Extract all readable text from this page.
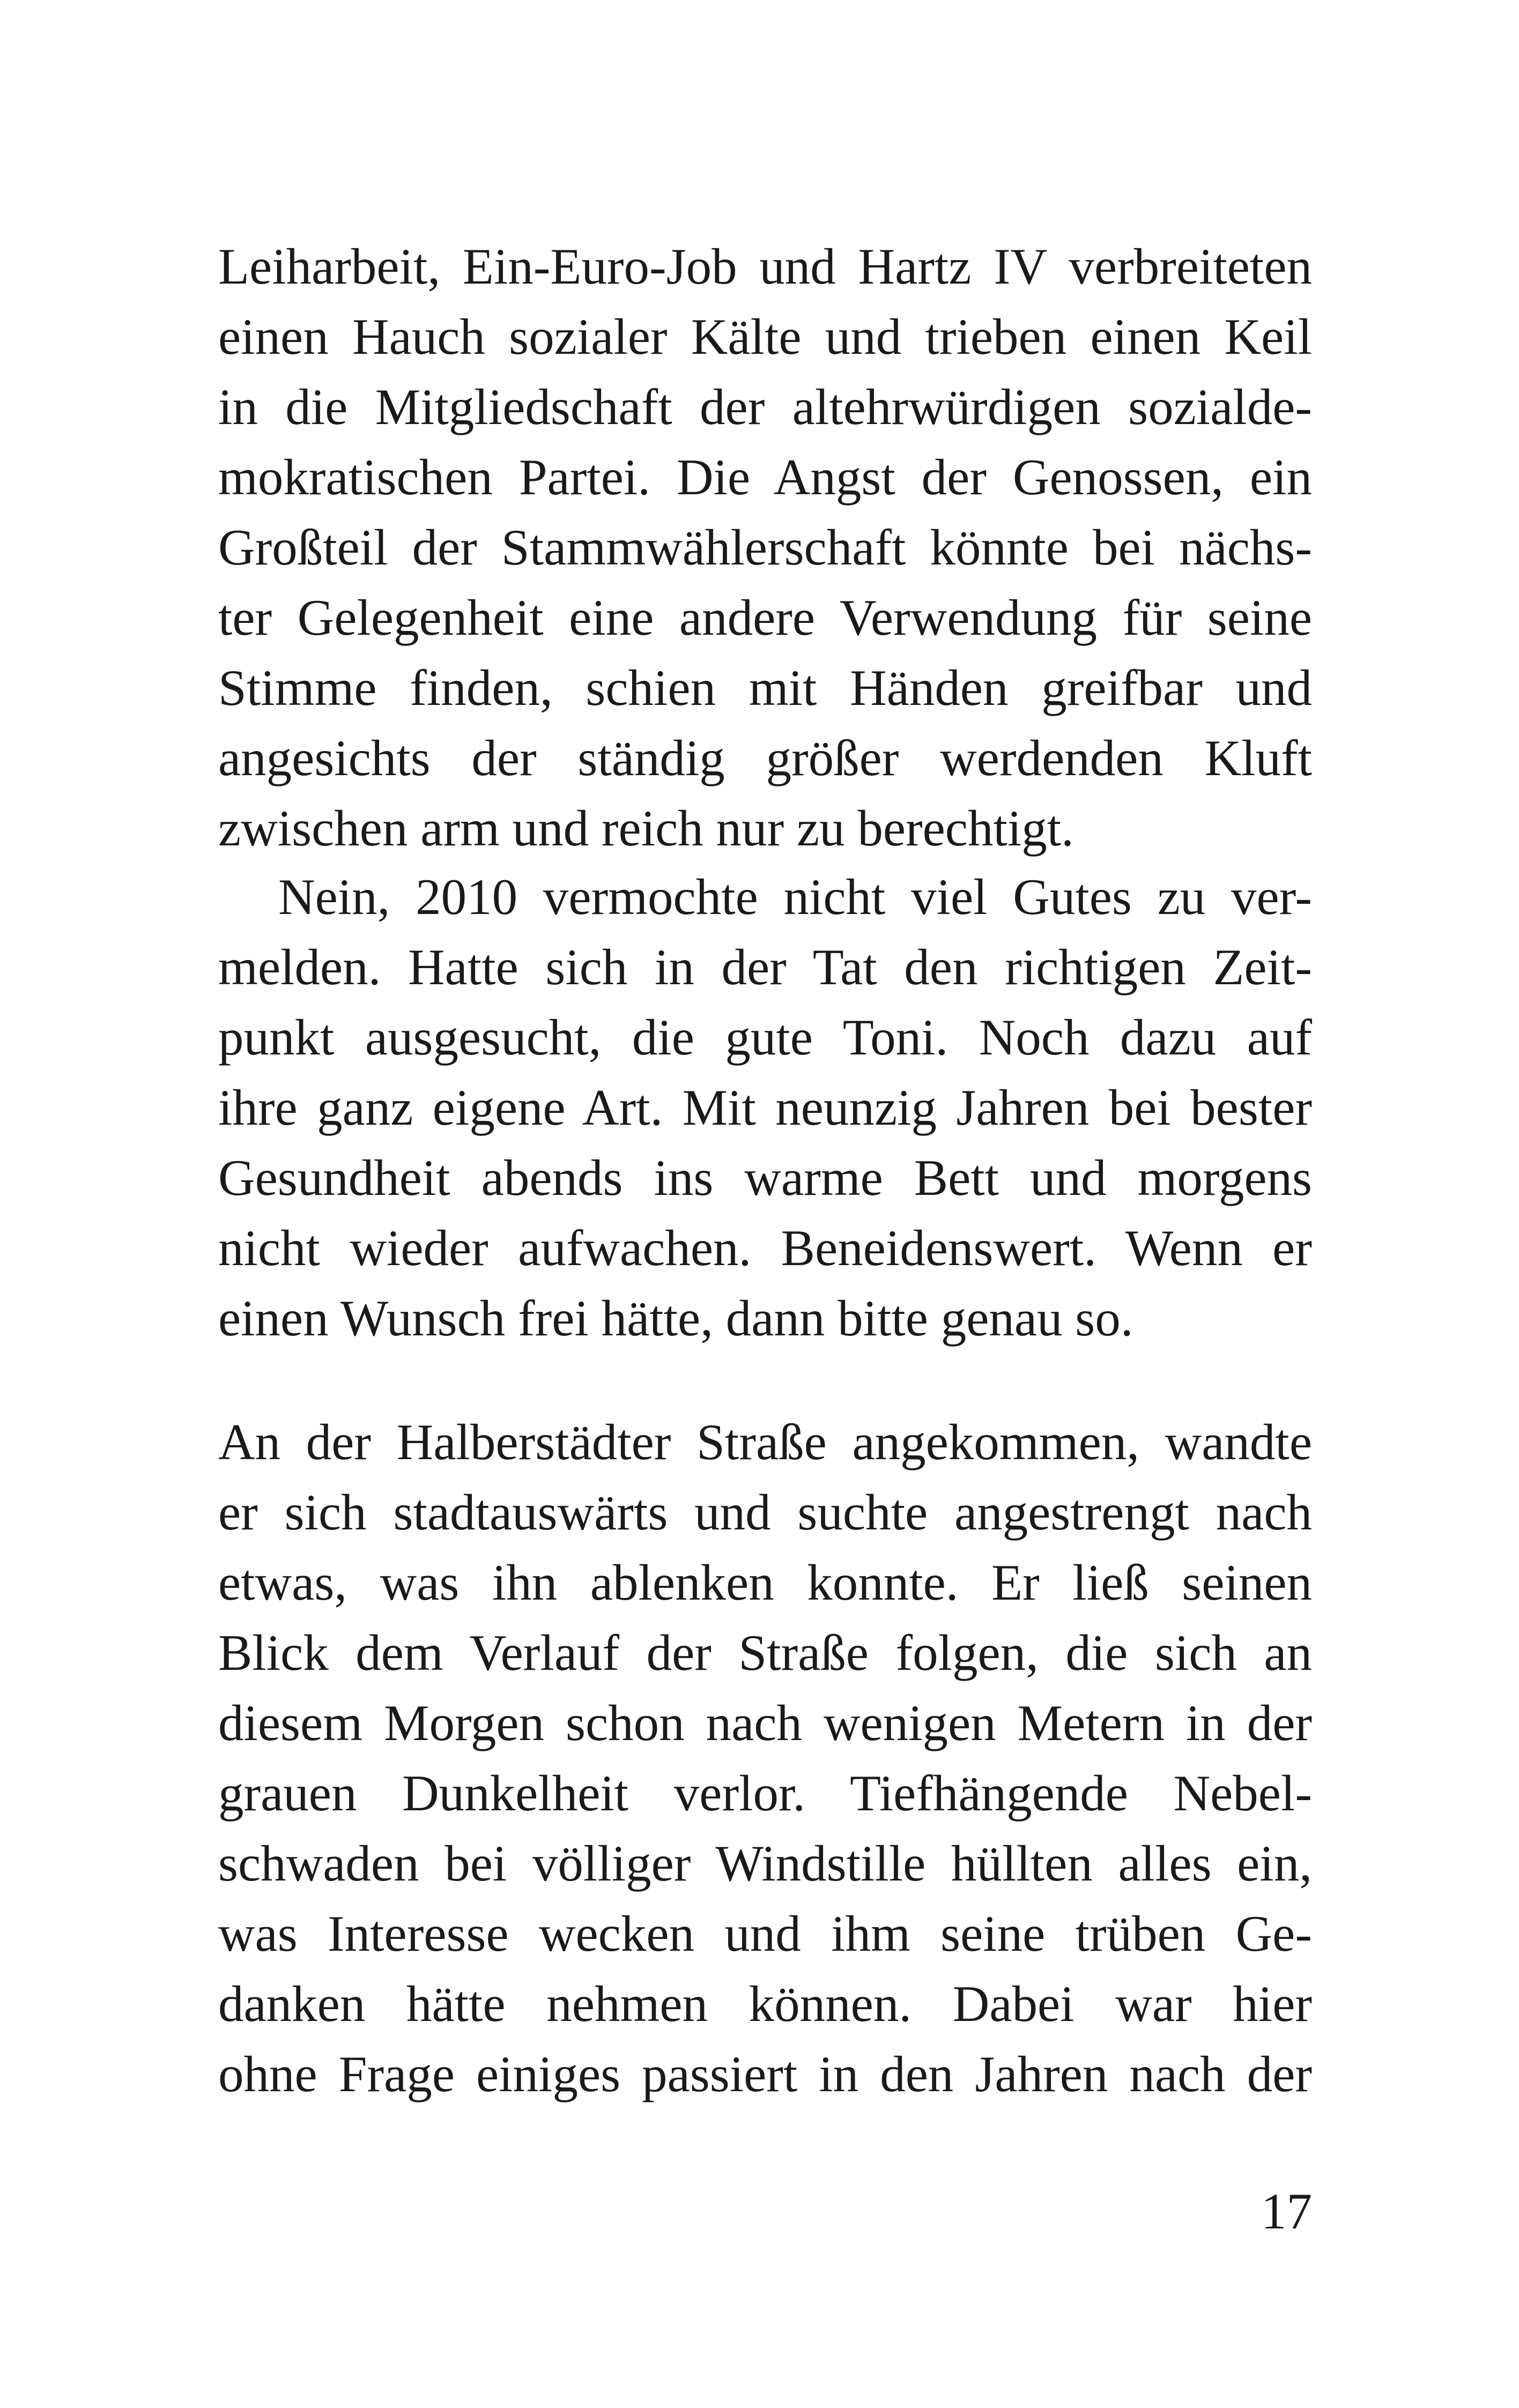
Leiharbeit, Ein-Euro-Job und Hartz IV verbreiteten
einen Hauch sozialer Kälte und trieben einen Keil
in die Mitgliedschaft der altehrwürdigen sozialde-
mokratischen Partei. Die Angst der Genossen, ein
Großteil der Stammwählerschaft könnte bei nächs-
ter Gelegenheit eine andere Verwendung für seine
Stimme finden, schien mit Händen greifbar und
angesichts der ständig größer werdenden Kluft
zwischen arm und reich nur zu berechtigt.
Nein, 2010 vermochte nicht viel Gutes zu ver-
melden. Hatte sich in der Tat den richtigen Zeit-
punkt ausgesucht, die gute Toni. Noch dazu auf
ihre ganz eigene Art. Mit neunzig Jahren bei bester
Gesundheit abends ins warme Bett und morgens
nicht wieder aufwachen. Beneidenswert. Wenn er
einen Wunsch frei hätte, dann bitte genau so.
An der Halberstädter Straße angekommen, wandte
er sich stadtauswärts und suchte angestrengt nach
etwas, was ihn ablenken konnte. Er ließ seinen
Blick dem Verlauf der Straße folgen, die sich an
diesem Morgen schon nach wenigen Metern in der
grauen Dunkelheit verlor. Tiefhängende Nebel-
schwaden bei völliger Windstille hüllten alles ein,
was Interesse wecken und ihm seine trüben Ge-
danken hätte nehmen können. Dabei war hier
ohne Frage einiges passiert in den Jahren nach der
17
